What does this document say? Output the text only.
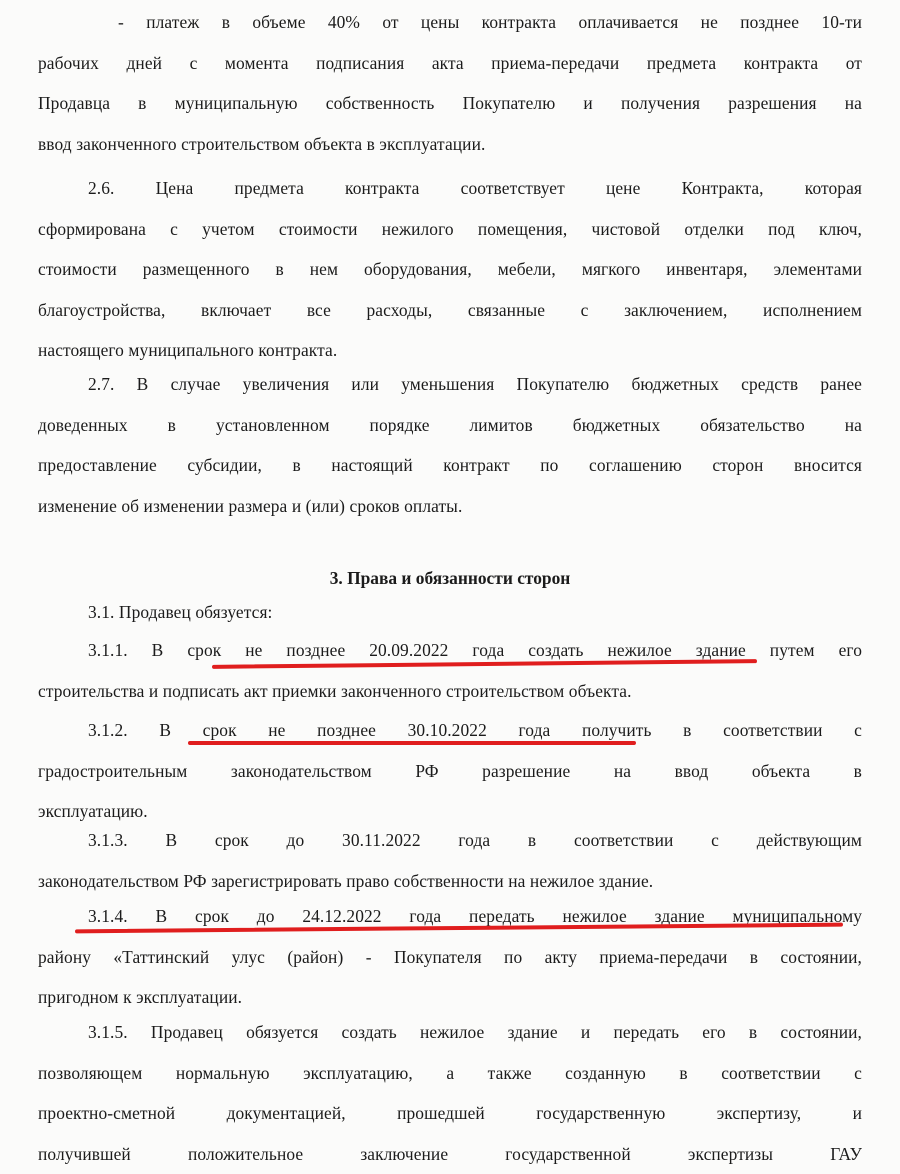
- платеж в объеме 40% от цены контракта оплачивается не позднее 10-ти
рабочих дней с момента подписания акта приема-передачи предмета контракта от
Продавца в муниципальную собственность Покупателю и получения разрешения на
ввод законченного строительством объекта в эксплуатации.
2.6. Цена предмета контракта соответствует цене Контракта, которая
сформирована с учетом стоимости нежилого помещения, чистовой отделки под ключ,
стоимости размещенного в нем оборудования, мебели, мягкого инвентаря, элементами
благоустройства, включает все расходы, связанные с заключением, исполнением
настоящего муниципального контракта.
2.7. В случае увеличения или уменьшения Покупателю бюджетных средств ранее
доведенных в установленном порядке лимитов бюджетных обязательство на
предоставление субсидии, в настоящий контракт по соглашению сторон вносится
изменение об изменении размера и (или) сроков оплаты.
3. Права и обязанности сторон
3.1. Продавец обязуется:
3.1.1. В срок не позднее 20.09.2022 года создать нежилое здание путем его
строительства и подписать акт приемки законченного строительством объекта.
3.1.2. В срок не позднее 30.10.2022 года получить в соответствии с
градостроительным законодательством РФ разрешение на ввод объекта в
эксплуатацию.
3.1.3. В срок до 30.11.2022 года в соответствии с действующим
законодательством РФ зарегистрировать право собственности на нежилое здание.
3.1.4. В срок до 24.12.2022 года передать нежилое здание муниципальному
району «Таттинский улус (район) - Покупателя по акту приема-передачи в состоянии,
пригодном к эксплуатации.
3.1.5. Продавец обязуется создать нежилое здание и передать его в состоянии,
позволяющем нормальную эксплуатацию, а также созданную в соответствии с
проектно-сметной документацией, прошедшей государственную экспертизу, и
получившей положительное заключение государственной экспертизы ГАУ
